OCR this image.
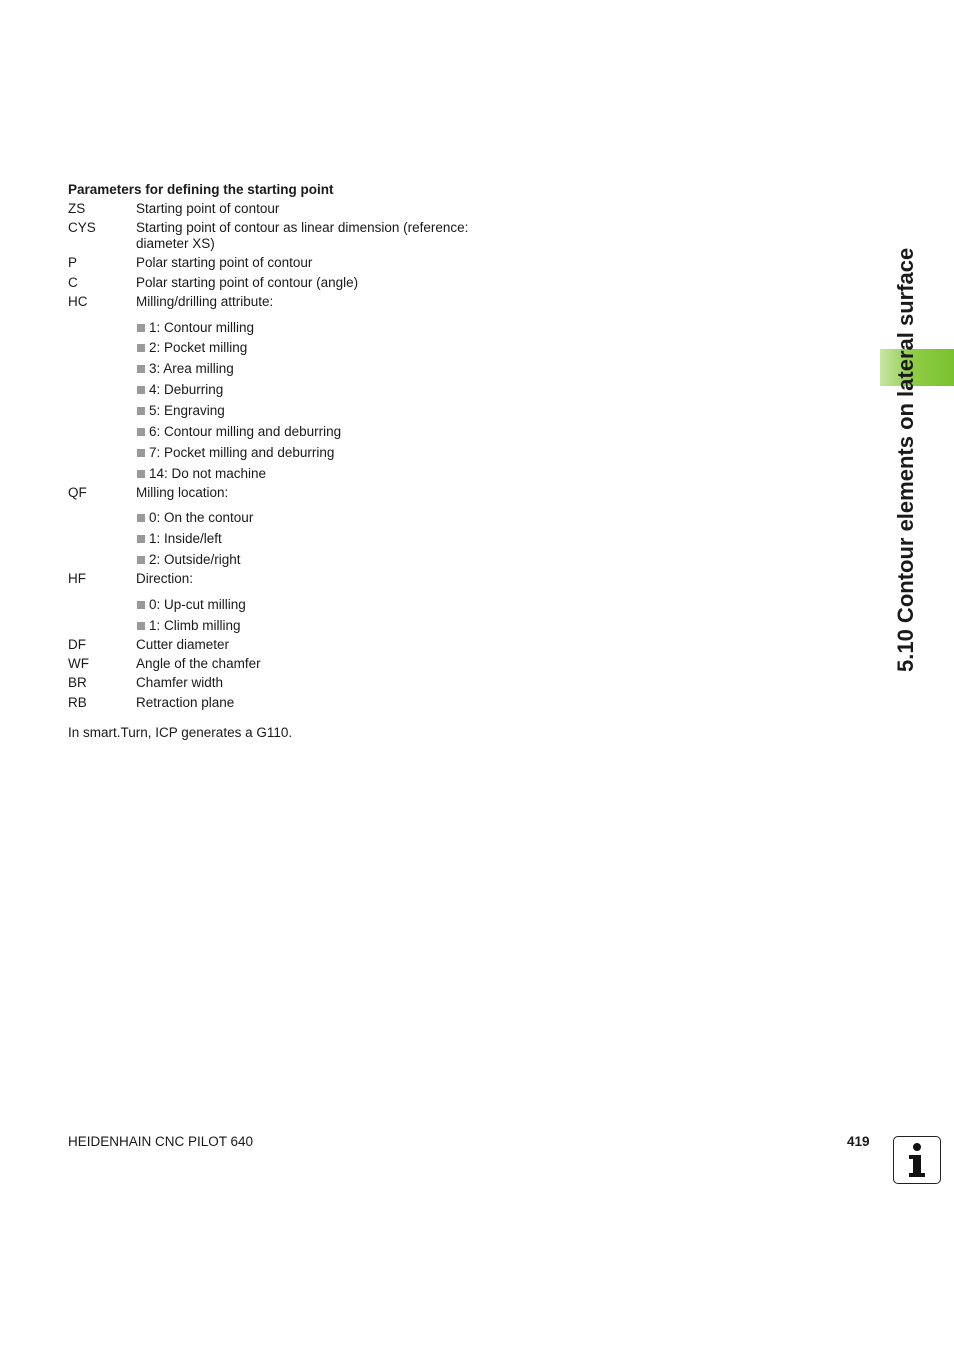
Parameters for defining the starting point
ZS	Starting point of contour
CYS	Starting point of contour as linear dimension (reference:
diameter XS)
P	Polar starting point of contour
C	Polar starting point of contour (angle)
HC	Milling/drilling attribute:
1: Contour milling
2: Pocket milling
3: Area milling
4: Deburring
5: Engraving
6: Contour milling and deburring
7: Pocket milling and deburring
14: Do not machine
QF	Milling location:
0: On the contour
1: Inside/left
2: Outside/right
HF	Direction:
0: Up-cut milling
1: Climb milling
DF	Cutter diameter
WF	Angle of the chamfer
BR	Chamfer width
RB	Retraction plane
In smart.Turn, ICP generates a G110.
5.10 Contour elements on lateral surface
HEIDENHAIN CNC PILOT 640	419
